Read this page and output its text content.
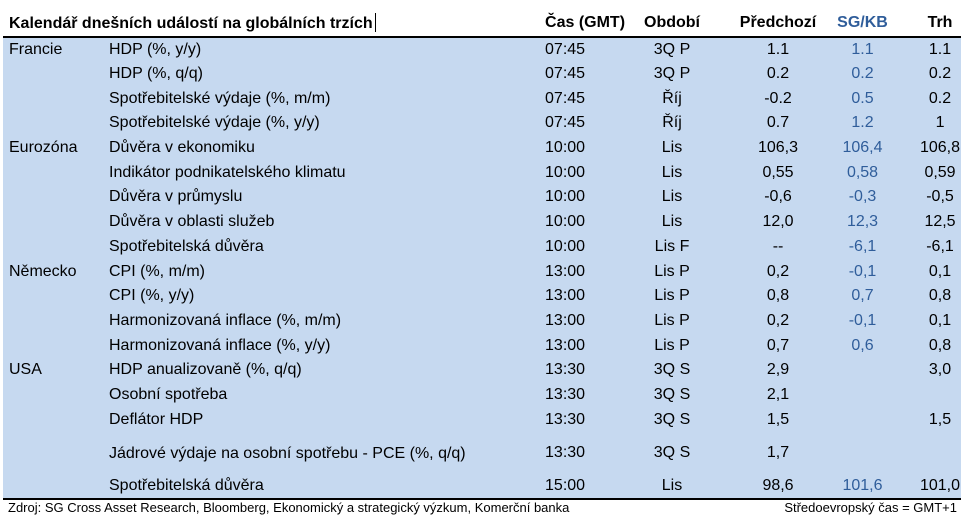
Kalendář dnešních událostí na globálních trzích		Čas (GMT)	Období	Předchozí	SG/KB	Trh
Francie	HDP (%, y/y)	07:45	3Q P	1.1	1.1	1.1
	HDP (%, q/q)	07:45	3Q P	0.2	0.2	0.2
	Spotřebitelské výdaje (%, m/m)	07:45	Říj	-0.2	0.5	0.2
	Spotřebitelské výdaje (%, y/y)	07:45	Říj	0.7	1.2	1
Eurozóna	Důvěra v ekonomiku	10:00	Lis	106,3	106,4	106,8
	Indikátor podnikatelského klimatu	10:00	Lis	0,55	0,58	0,59
	Důvěra v průmyslu	10:00	Lis	-0,6	-0,3	-0,5
	Důvěra v oblasti služeb	10:00	Lis	12,0	12,3	12,5
	Spotřebitelská důvěra	10:00	Lis F	--	-6,1	-6,1
Německo	CPI (%, m/m)	13:00	Lis P	0,2	-0,1	0,1
	CPI (%, y/y)	13:00	Lis P	0,8	0,7	0,8
	Harmonizovaná inflace (%, m/m)	13:00	Lis P	0,2	-0,1	0,1
	Harmonizovaná inflace (%, y/y)	13:00	Lis P	0,7	0,6	0,8
USA	HDP anualizovaně (%, q/q)	13:30	3Q S	2,9		3,0
	Osobní spotřeba	13:30	3Q S	2,1		
	Deflátor HDP	13:30	3Q S	1,5		1,5
	Jádrové výdaje na osobní spotřebu - PCE (%, q/q)	13:30	3Q S	1,7		
	Spotřebitelská důvěra	15:00	Lis	98,6	101,6	101,0
Zdroj: SG Cross Asset Research, Bloomberg, Ekonomický a strategický výzkum, Komerční banka	Středoevropský čas = GMT+1
